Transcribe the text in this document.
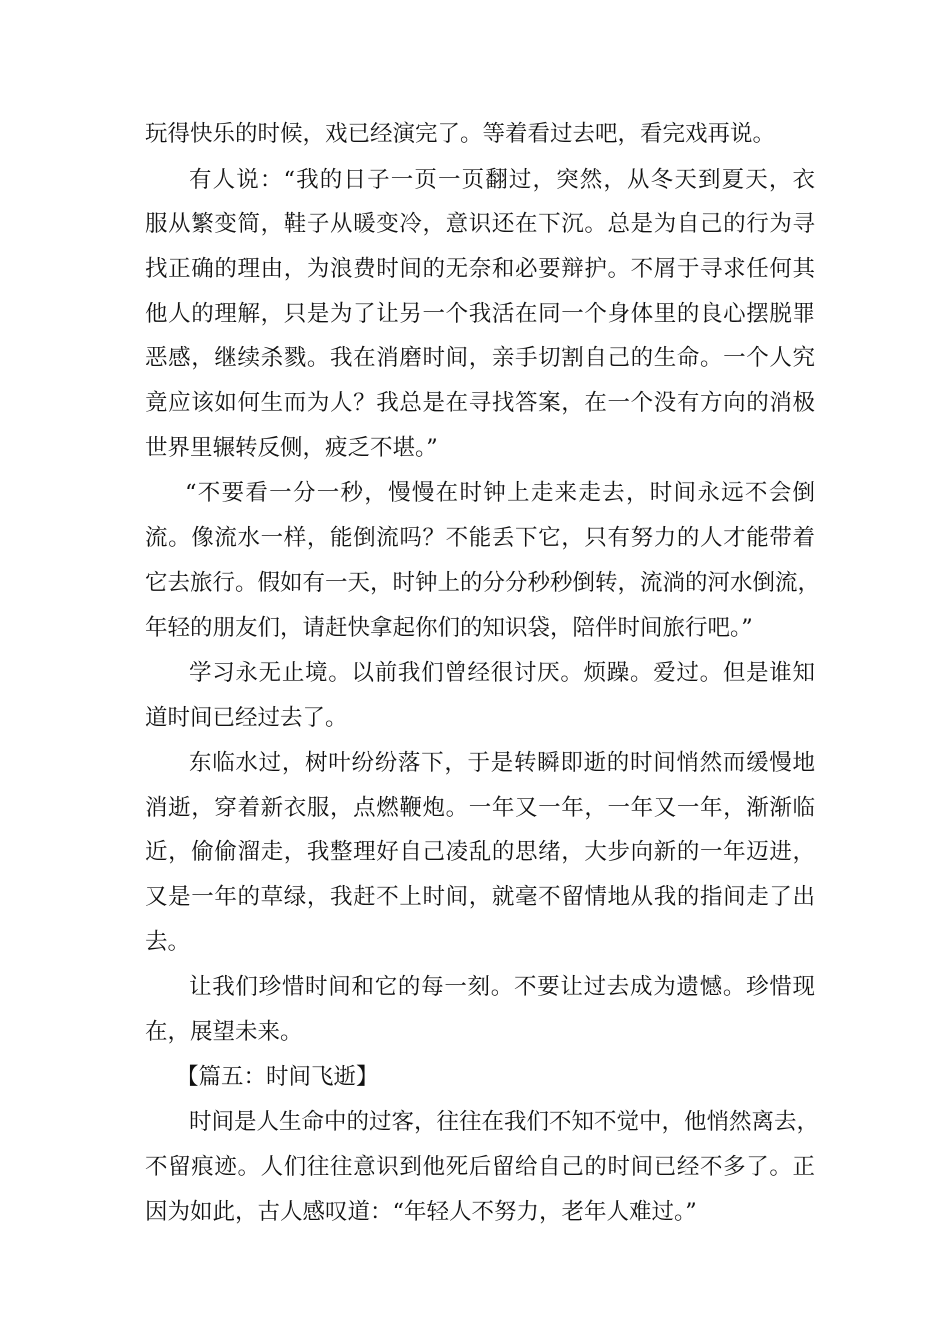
玩得快乐的时候，戏已经演完了。等着看过去吧，看完戏再说。
有人说：“我的日子一页一页翻过，突然，从冬天到夏天，衣
服从繁变简，鞋子从暖变冷，意识还在下沉。总是为自己的行为寻
找正确的理由，为浪费时间的无奈和必要辩护。不屑于寻求任何其
他人的理解，只是为了让另一个我活在同一个身体里的良心摆脱罪
恶感，继续杀戮。我在消磨时间，亲手切割自己的生命。一个人究
竟应该如何生而为人？我总是在寻找答案，在一个没有方向的消极
世界里辗转反侧，疲乏不堪。”
“不要看一分一秒，慢慢在时钟上走来走去，时间永远不会倒
流。像流水一样，能倒流吗？不能丢下它，只有努力的人才能带着
它去旅行。假如有一天，时钟上的分分秒秒倒转，流淌的河水倒流，
年轻的朋友们，请赶快拿起你们的知识袋，陪伴时间旅行吧。”
学习永无止境。以前我们曾经很讨厌。烦躁。爱过。但是谁知
道时间已经过去了。
东临水过，树叶纷纷落下，于是转瞬即逝的时间悄然而缓慢地
消逝，穿着新衣服，点燃鞭炮。一年又一年，一年又一年，渐渐临
近，偷偷溜走，我整理好自己凌乱的思绪，大步向新的一年迈进，
又是一年的草绿，我赶不上时间，就毫不留情地从我的指间走了出
去。
让我们珍惜时间和它的每一刻。不要让过去成为遗憾。珍惜现
在，展望未来。
【篇五：时间飞逝】
时间是人生命中的过客，往往在我们不知不觉中，他悄然离去，
不留痕迹。人们往往意识到他死后留给自己的时间已经不多了。正
因为如此，古人感叹道：“年轻人不努力，老年人难过。”
